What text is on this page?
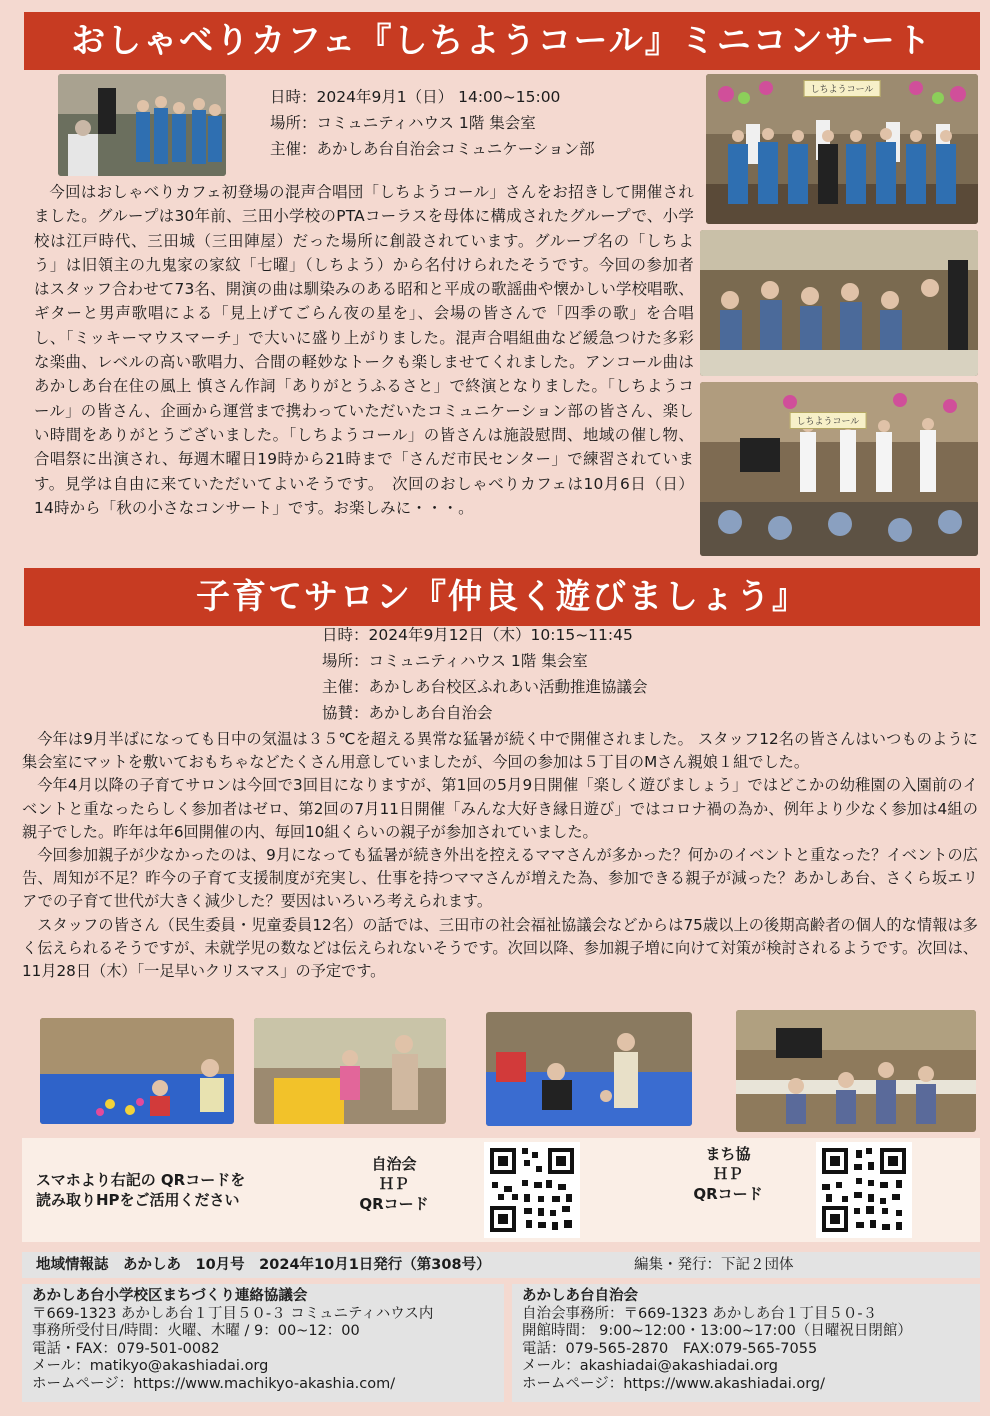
おしゃべりカフェ『しちようコール』ミニコンサート
日時：2024年9月1（日） 14:00~15:00
場所：コミュニティハウス 1階 集会室
主催：あかしあ台自治会コミュニケーション部
しちようコール
しちようコール

今回はおしゃべりカフェ初登場の混声合唱団「しちようコール」さんをお招きして開催されました。グループは30年前、三田小学校のPTAコーラスを母体に構成されたグループで、小学校は江戸時代、三田城（三田陣屋）だった場所に創設されています。グループ名の「しちよう」は旧領主の九鬼家の家紋「七曜」（しちよう）から名付けられたそうです。今回の参加者はスタッフ合わせて73名、開演の曲は馴染みのある昭和と平成の歌謡曲や懐かしい学校唱歌、ギターと男声歌唱による「見上げてごらん夜の星を」、会場の皆さんで「四季の歌」を合唱し、「ミッキーマウスマーチ」で大いに盛り上がりました。混声合唱組曲など緩急つけた多彩な楽曲、レベルの高い歌唱力、合間の軽妙なトークも楽しませてくれました。アンコール曲はあかしあ台在住の風上 慎さん作詞「ありがとうふるさと」で終演となりました。「しちようコール」の皆さん、企画から運営まで携わっていただいたコミュニケーション部の皆さん、楽しい時間をありがとうございました。「しちようコール」の皆さんは施設慰問、地域の催し物、合唱祭に出演され、毎週木曜日19時から21時まで「さんだ市民センター」で練習されています。見学は自由に来ていただいてよいそうです。　次回のおしゃべりカフェは10月6日（日）14時から「秋の小さなコンサート」です。お楽しみに・・・。

子育てサロン『仲良く遊びましょう』
日時：2024年9月12日（木）10:15~11:45
場所：コミュニティハウス 1階 集会室
主催：あかしあ台校区ふれあい活動推進協議会
協賛：あかしあ台自治会

今年は9月半ばになっても日中の気温は３５℃を超える異常な猛暑が続く中で開催されました。 スタッフ12名の皆さんはいつものように集会室にマットを敷いておもちゃなどたくさん用意していましたが、今回の参加は５丁目のMさん親娘１組でした。

今年4月以降の子育てサロンは今回で3回目になりますが、第1回の5月9日開催「楽しく遊びましょう」ではどこかの幼稚園の入園前のイベントと重なったらしく参加者はゼロ、第2回の7月11日開催「みんな大好き縁日遊び」ではコロナ禍の為か、例年より少なく参加は4組の親子でした。昨年は年6回開催の内、毎回10組くらいの親子が参加されていました。

今回参加親子が少なかったのは、9月になっても猛暑が続き外出を控えるママさんが多かった？何かのイベントと重なった？イベントの広告、周知が不足？昨今の子育て支援制度が充実し、仕事を持つママさんが増えた為、参加できる親子が減った？あかしあ台、さくら坂エリアでの子育て世代が大きく減少した？要因はいろいろ考えられます。

スタッフの皆さん（民生委員・児童委員12名）の話では、三田市の社会福祉協議会などからは75歳以上の後期高齢者の個人的な情報は多く伝えられるそうですが、未就学児の数などは伝えられないそうです。次回以降、参加親子増に向けて対策が検討されるようです。次回は、11月28日（木）「一足早いクリスマス」の予定です。

スマホより右記の QRコードを
読み取りHPをご活用ください
自治会
ＨＰ
QRコード
まち協
ＨＰ
QRコード
地域情報誌　あかしあ　10月号　2024年10月1日発行（第308号）	編集・発行：下記２団体
あかしあ台小学校区まちづくり連絡協議会
〒669-1323 あかしあ台１丁目５０-３ コミュニティハウス内
事務所受付日/時間：火曜、木曜 / 9：00~12：00
電話・FAX：079-501-0082
メール：matikyo@akashiadai.org
ホームページ：https://www.machikyo-akashia.com/
あかしあ台自治会
自治会事務所：〒669-1323 あかしあ台１丁目５０-３
開館時間： 9:00~12:00・13:00~17:00（日曜祝日閉館）
電話：079-565-2870　FAX:079-565-7055
メール：akashiadai@akashiadai.org
ホームページ：https://www.akashiadai.org/
